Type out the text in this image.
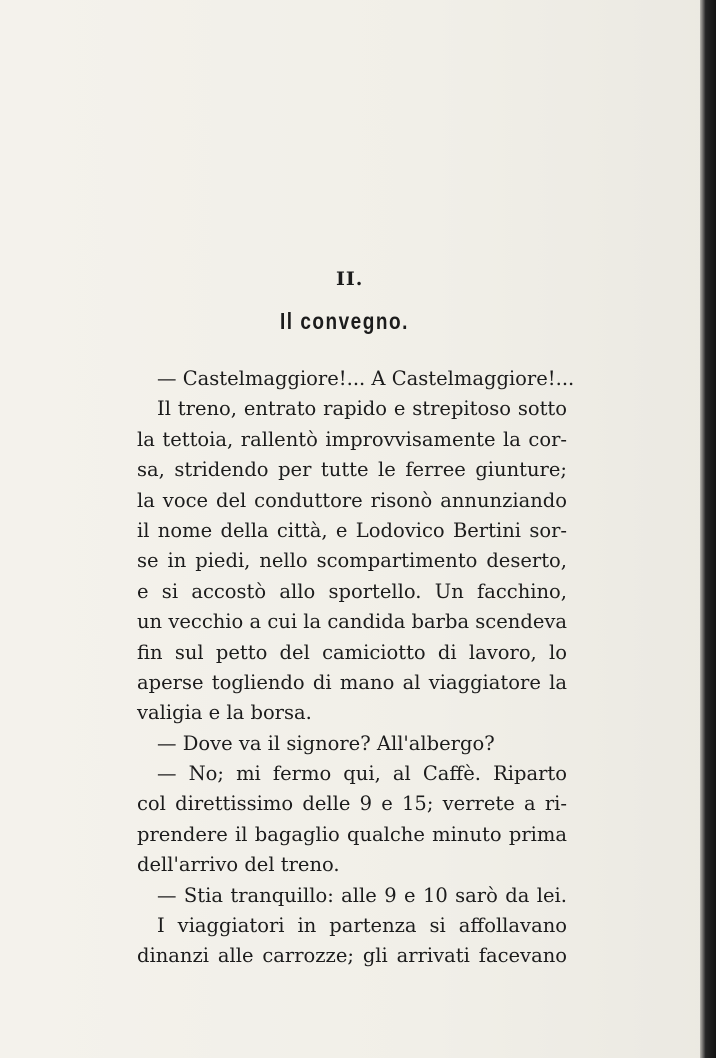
II.
Il convegno.
— Castelmaggiore!... A Castelmaggiore!...
Il treno, entrato rapido e strepitoso sotto
la tettoia, rallentò improvvisamente la cor-
sa, stridendo per tutte le ferree giunture;
la voce del conduttore risonò annunziando
il nome della città, e Lodovico Bertini sor-
se in piedi, nello scompartimento deserto,
e si accostò allo sportello. Un facchino,
un vecchio a cui la candida barba scendeva
fin sul petto del camiciotto di lavoro, lo
aperse togliendo di mano al viaggiatore la
valigia e la borsa.
— Dove va il signore? All'albergo?
— No; mi fermo qui, al Caffè. Riparto
col direttissimo delle 9 e 15; verrete a ri-
prendere il bagaglio qualche minuto prima
dell'arrivo del treno.
— Stia tranquillo: alle 9 e 10 sarò da lei.
I viaggiatori in partenza si affollavano
dinanzi alle carrozze; gli arrivati facevano
